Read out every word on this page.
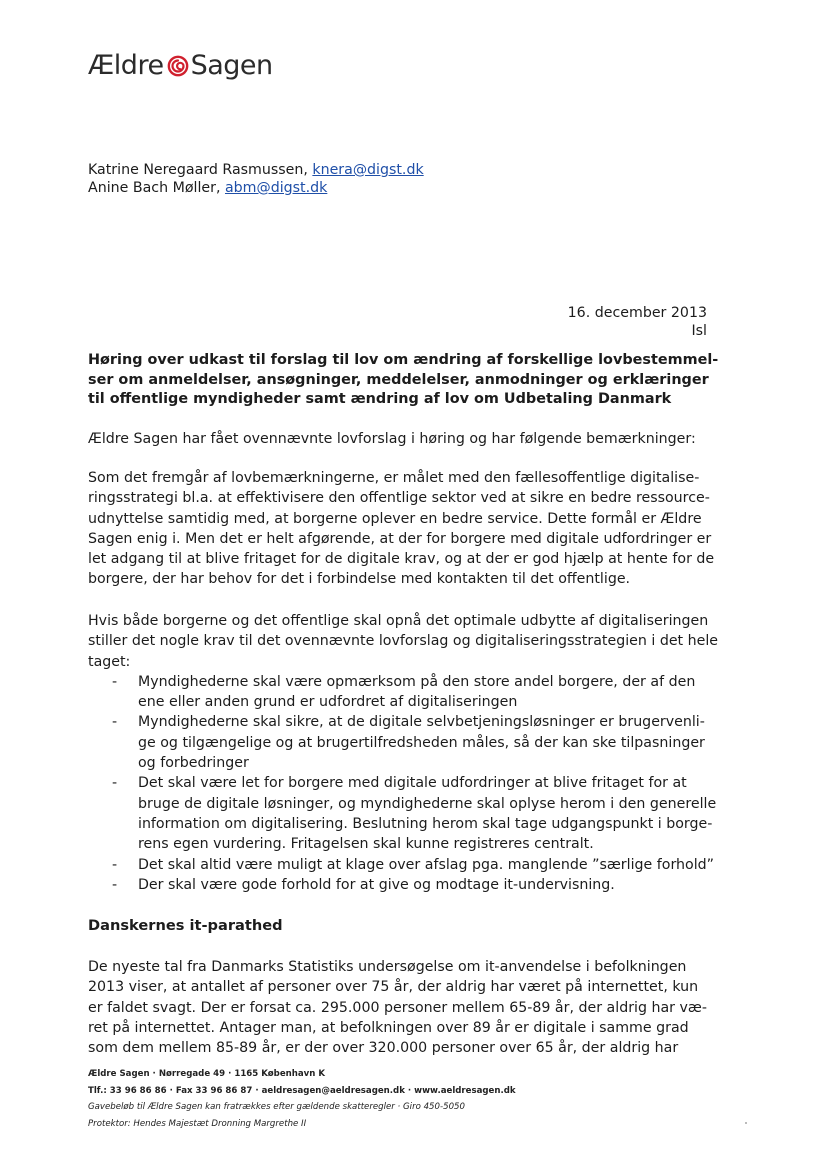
Ældre Sagen
Katrine Neregaard Rasmussen, knera@digst.dk
Anine Bach Møller, abm@digst.dk
16. december 2013
Isl
Høring over udkast til forslag til lov om ændring af forskellige lovbestemmel-
ser om anmeldelser, ansøgninger, meddelelser, anmodninger og erklæringer
til offentlige myndigheder samt ændring af lov om Udbetaling Danmark
Ældre Sagen har fået ovennævnte lovforslag i høring og har følgende bemærkninger:
Som det fremgår af lovbemærkningerne, er målet med den fællesoffentlige digitalise-
ringsstrategi bl.a. at effektivisere den offentlige sektor ved at sikre en bedre ressource-
udnyttelse samtidig med, at borgerne oplever en bedre service. Dette formål er Ældre
Sagen enig i. Men det er helt afgørende, at der for borgere med digitale udfordringer er
let adgang til at blive fritaget for de digitale krav, og at der er god hjælp at hente for de
borgere, der har behov for det i forbindelse med kontakten til det offentlige.
Hvis både borgerne og det offentlige skal opnå det optimale udbytte af digitaliseringen
stiller det nogle krav til det ovennævnte lovforslag og digitaliseringsstrategien i det hele
taget:
- Myndighederne skal være opmærksom på den store andel borgere, der af den
ene eller anden grund er udfordret af digitaliseringen
- Myndighederne skal sikre, at de digitale selvbetjeningsløsninger er brugervenli-
ge og tilgængelige og at brugertilfredsheden måles, så der kan ske tilpasninger
og forbedringer
- Det skal være let for borgere med digitale udfordringer at blive fritaget for at
bruge de digitale løsninger, og myndighederne skal oplyse herom i den generelle
information om digitalisering. Beslutning herom skal tage udgangspunkt i borge-
rens egen vurdering. Fritagelsen skal kunne registreres centralt.
- Det skal altid være muligt at klage over afslag pga. manglende ”særlige forhold”
- Der skal være gode forhold for at give og modtage it-undervisning.
Danskernes it-parathed
De nyeste tal fra Danmarks Statistiks undersøgelse om it-anvendelse i befolkningen
2013 viser, at antallet af personer over 75 år, der aldrig har været på internettet, kun
er faldet svagt. Der er forsat ca. 295.000 personer mellem 65-89 år, der aldrig har væ-
ret på internettet. Antager man, at befolkningen over 89 år er digitale i samme grad
som dem mellem 85-89 år, er der over 320.000 personer over 65 år, der aldrig har
Ældre Sagen · Nørregade 49 · 1165 København K
Tlf.: 33 96 86 86 · Fax 33 96 86 87 · aeldresagen@aeldresagen.dk · www.aeldresagen.dk
Gavebeløb til Ældre Sagen kan fratrækkes efter gældende skatteregler · Giro 450-5050
Protektor: Hendes Majestæt Dronning Margrethe II
